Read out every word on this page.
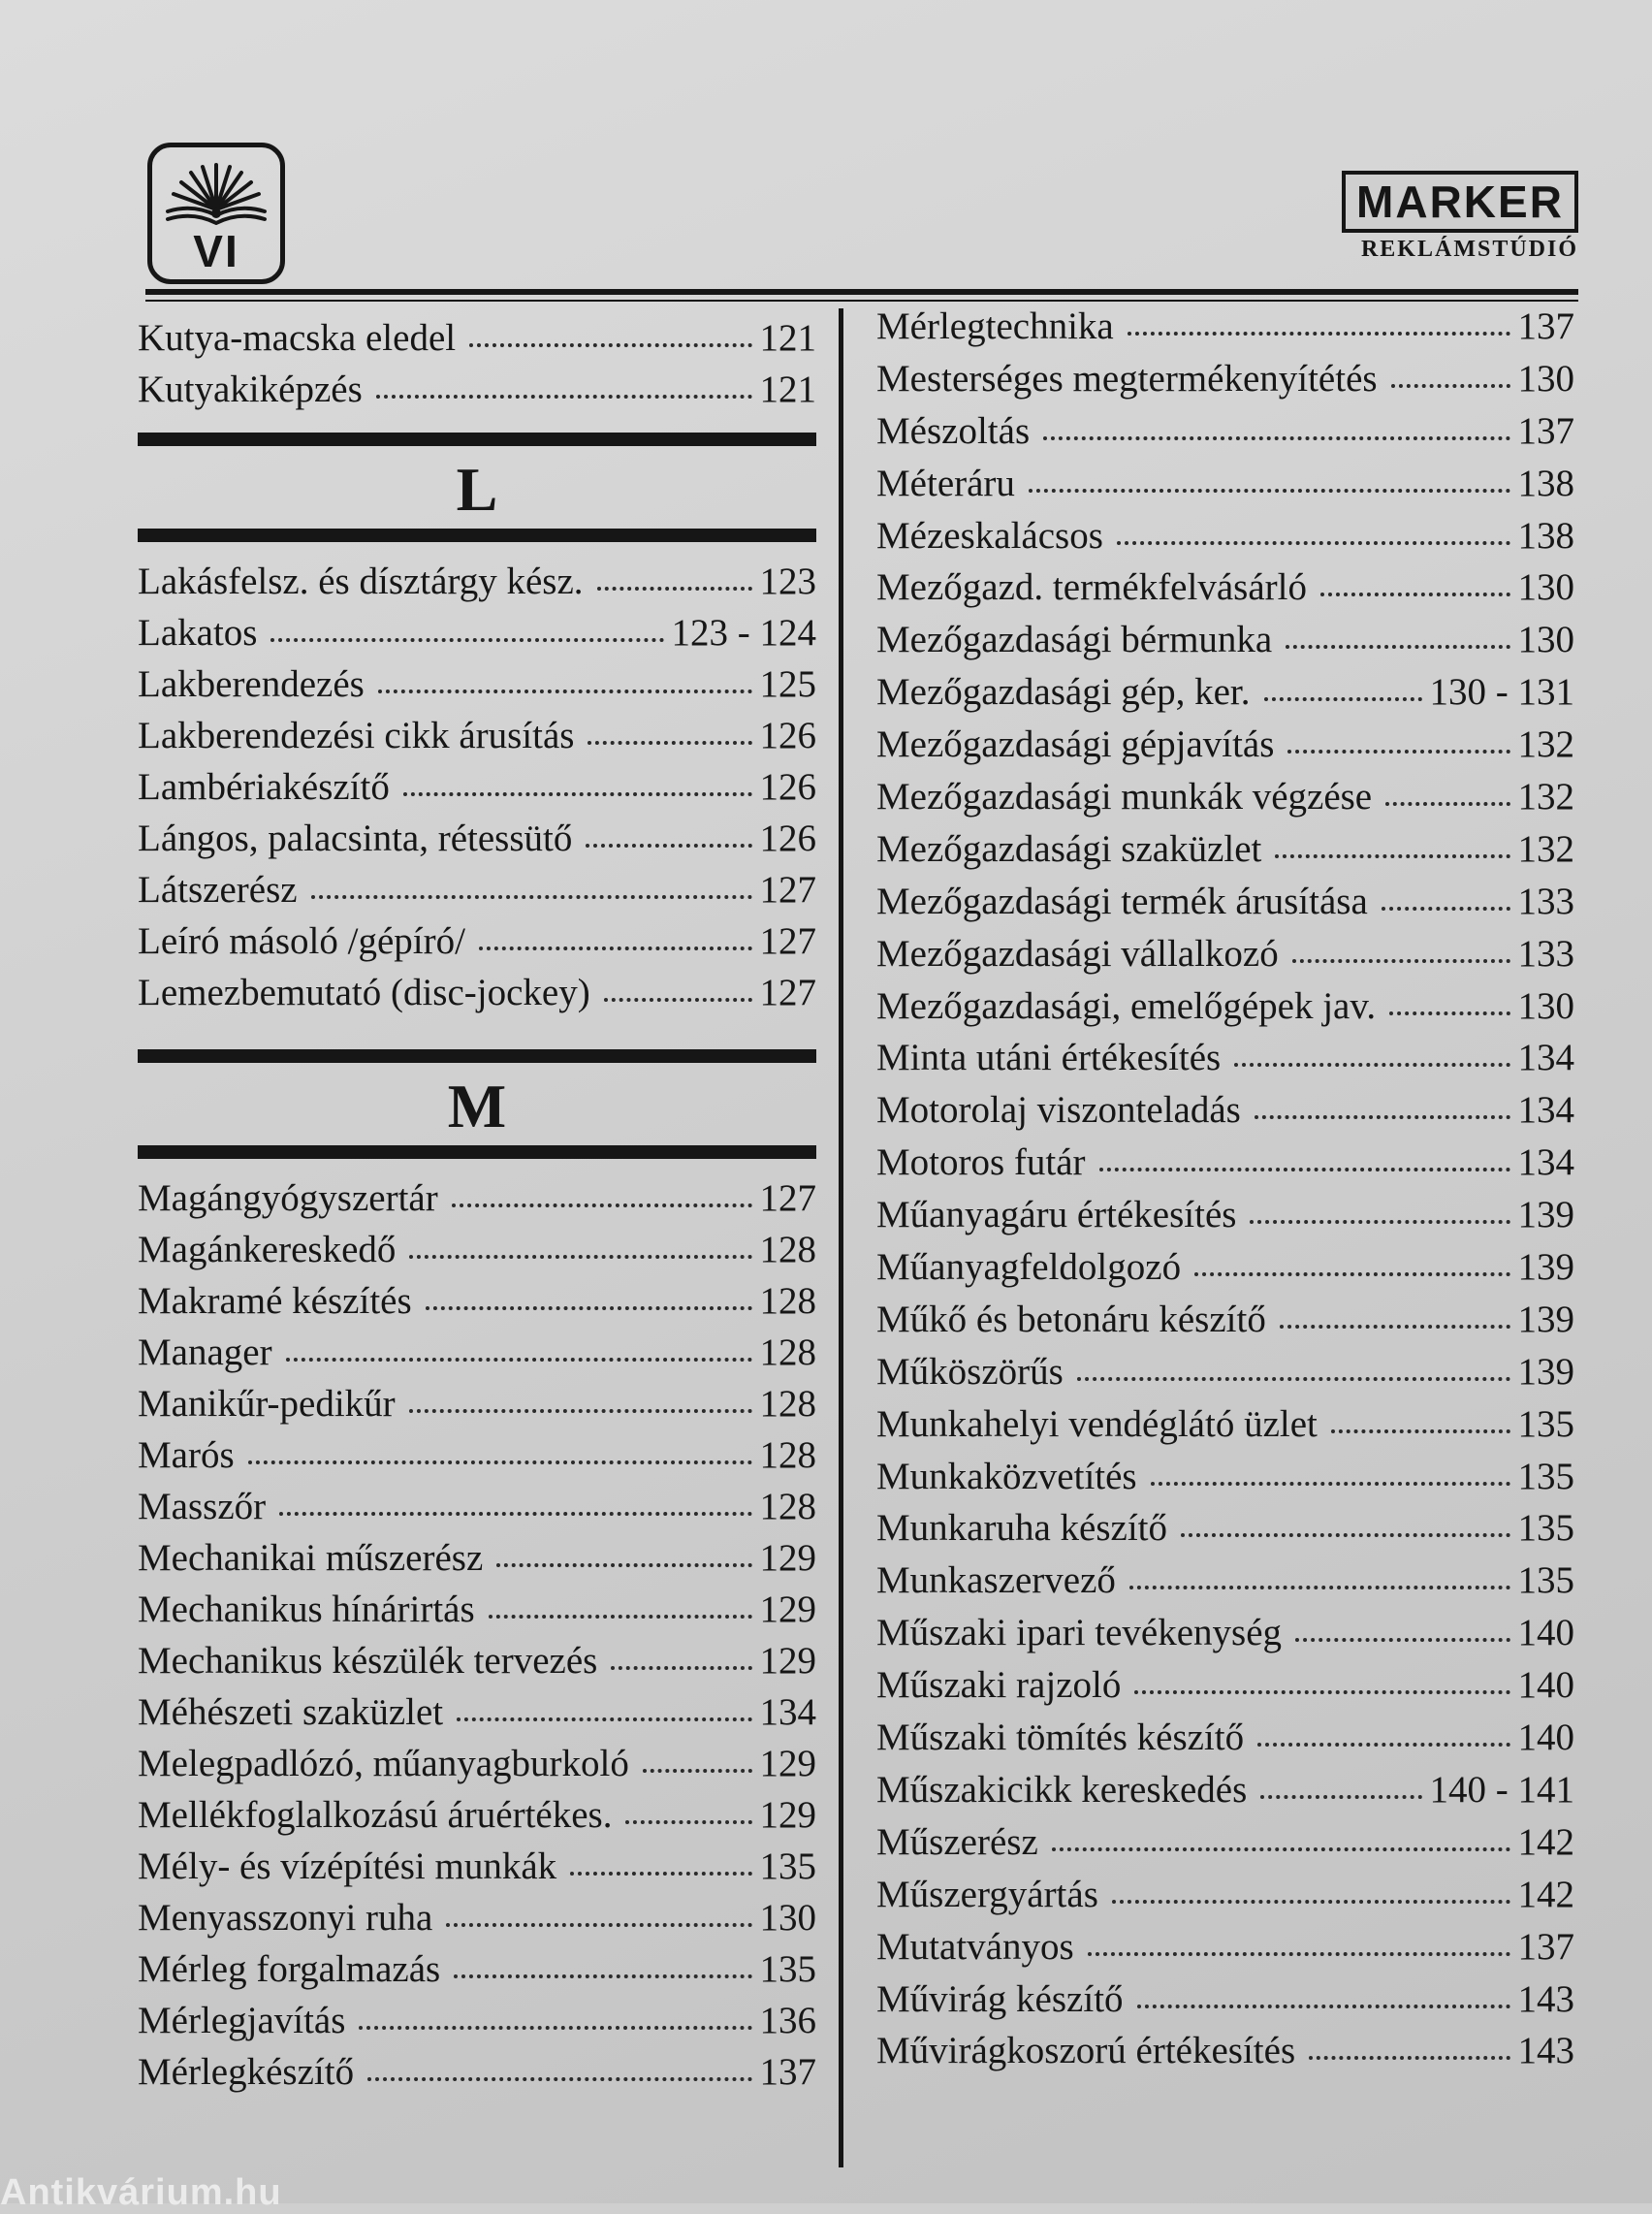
VI
MARKER
REKLÁMSTÚDIÓ
Kutya-macska eledel	121
Kutyakiképzés	121
L
Lakásfelsz. és dísztárgy kész.	123
Lakatos	123 - 124
Lakberendezés	125
Lakberendezési cikk árusítás	126
Lambériakészítő	126
Lángos, palacsinta, rétessütő	126
Látszerész	127
Leíró másoló /gépíró/	127
Lemezbemutató (disc-jockey)	127
M
Magángyógyszertár	127
Magánkereskedő	128
Makramé készítés	128
Manager	128
Manikűr-pedikűr	128
Marós	128
Masszőr	128
Mechanikai műszerész	129
Mechanikus hínárirtás	129
Mechanikus készülék tervezés	129
Méhészeti szaküzlet	134
Melegpadlózó, műanyagburkoló	129
Mellékfoglalkozású áruértékes.	129
Mély- és vízépítési munkák	135
Menyasszonyi ruha	130
Mérleg forgalmazás	135
Mérlegjavítás	136
Mérlegkészítő	137
Mérlegtechnika	137
Mesterséges megtermékenyítétés	130
Mészoltás	137
Méteráru	138
Mézeskalácsos	138
Mezőgazd. termékfelvásárló	130
Mezőgazdasági bérmunka	130
Mezőgazdasági gép, ker.	130 - 131
Mezőgazdasági gépjavítás	132
Mezőgazdasági munkák végzése	132
Mezőgazdasági szaküzlet	132
Mezőgazdasági termék árusítása	133
Mezőgazdasági vállalkozó	133
Mezőgazdasági, emelőgépek jav.	130
Minta utáni értékesítés	134
Motorolaj viszonteladás	134
Motoros futár	134
Műanyagáru értékesítés	139
Műanyagfeldolgozó	139
Műkő és betonáru készítő	139
Műköszörűs	139
Munkahelyi vendéglátó üzlet	135
Munkaközvetítés	135
Munkaruha készítő	135
Munkaszervező	135
Műszaki ipari tevékenység	140
Műszaki rajzoló	140
Műszaki tömítés készítő	140
Műszakicikk kereskedés	140 - 141
Műszerész	142
Műszergyártás	142
Mutatványos	137
Művirág készítő	143
Művirágkoszorú értékesítés	143
Antikvárium.hu
